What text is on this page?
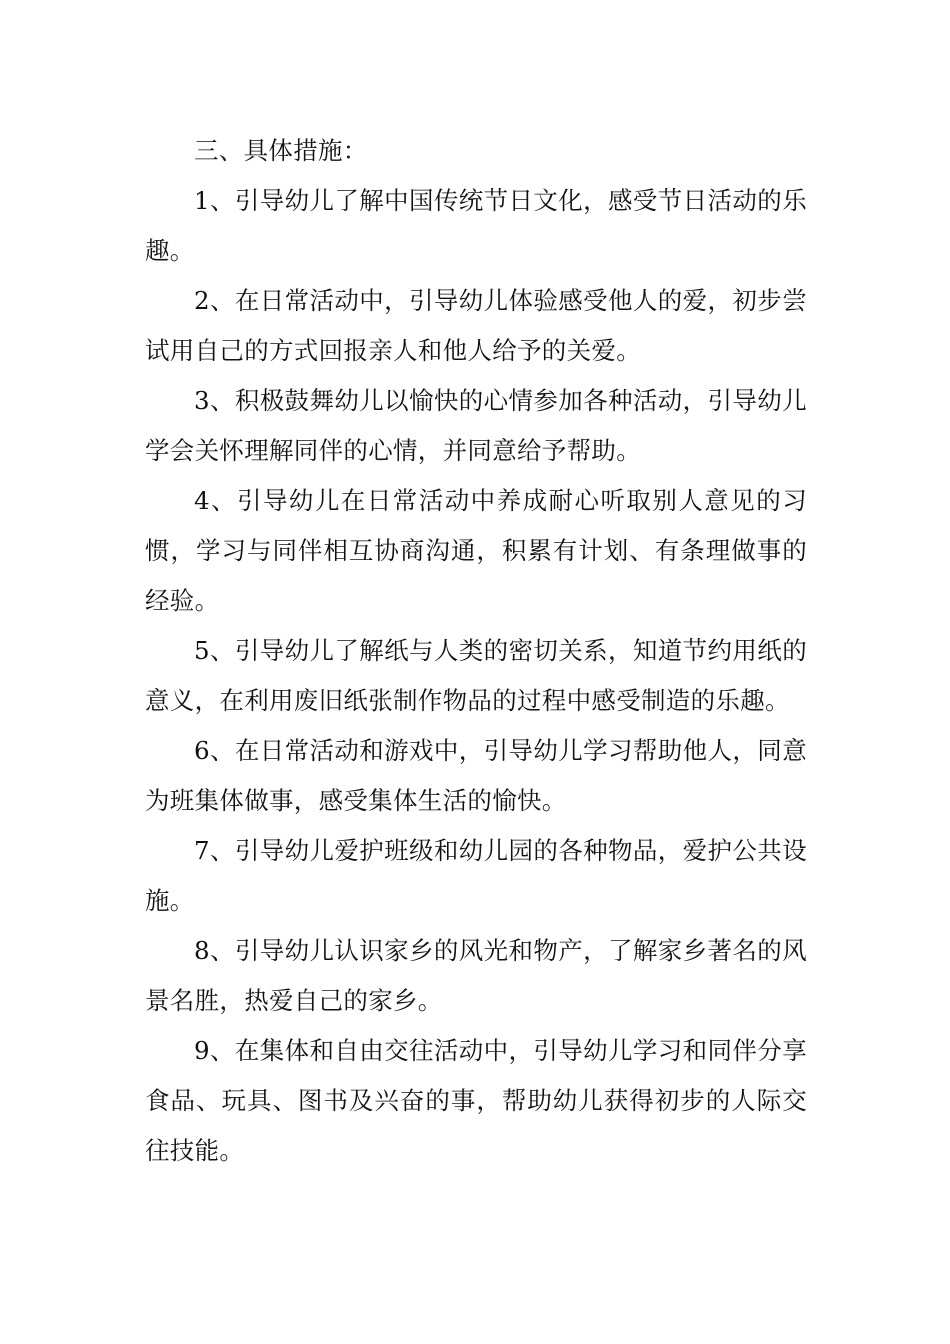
三、具体措施：

1、引导幼儿了解中国传统节日文化，感受节日活动的乐趣。

2、在日常活动中，引导幼儿体验感受他人的爱，初步尝试用自己的方式回报亲人和他人给予的关爱。

3、积极鼓舞幼儿以愉快的心情参加各种活动，引导幼儿学会关怀理解同伴的心情，并同意给予帮助。

4、引导幼儿在日常活动中养成耐心听取别人意见的习惯，学习与同伴相互协商沟通，积累有计划、有条理做事的经验。

5、引导幼儿了解纸与人类的密切关系，知道节约用纸的意义，在利用废旧纸张制作物品的过程中感受制造的乐趣。

6、在日常活动和游戏中，引导幼儿学习帮助他人，同意为班集体做事，感受集体生活的愉快。

7、引导幼儿爱护班级和幼儿园的各种物品，爱护公共设施。

8、引导幼儿认识家乡的风光和物产，了解家乡著名的风景名胜，热爱自己的家乡。

9、在集体和自由交往活动中，引导幼儿学习和同伴分享食品、玩具、图书及兴奋的事，帮助幼儿获得初步的人际交往技能。
